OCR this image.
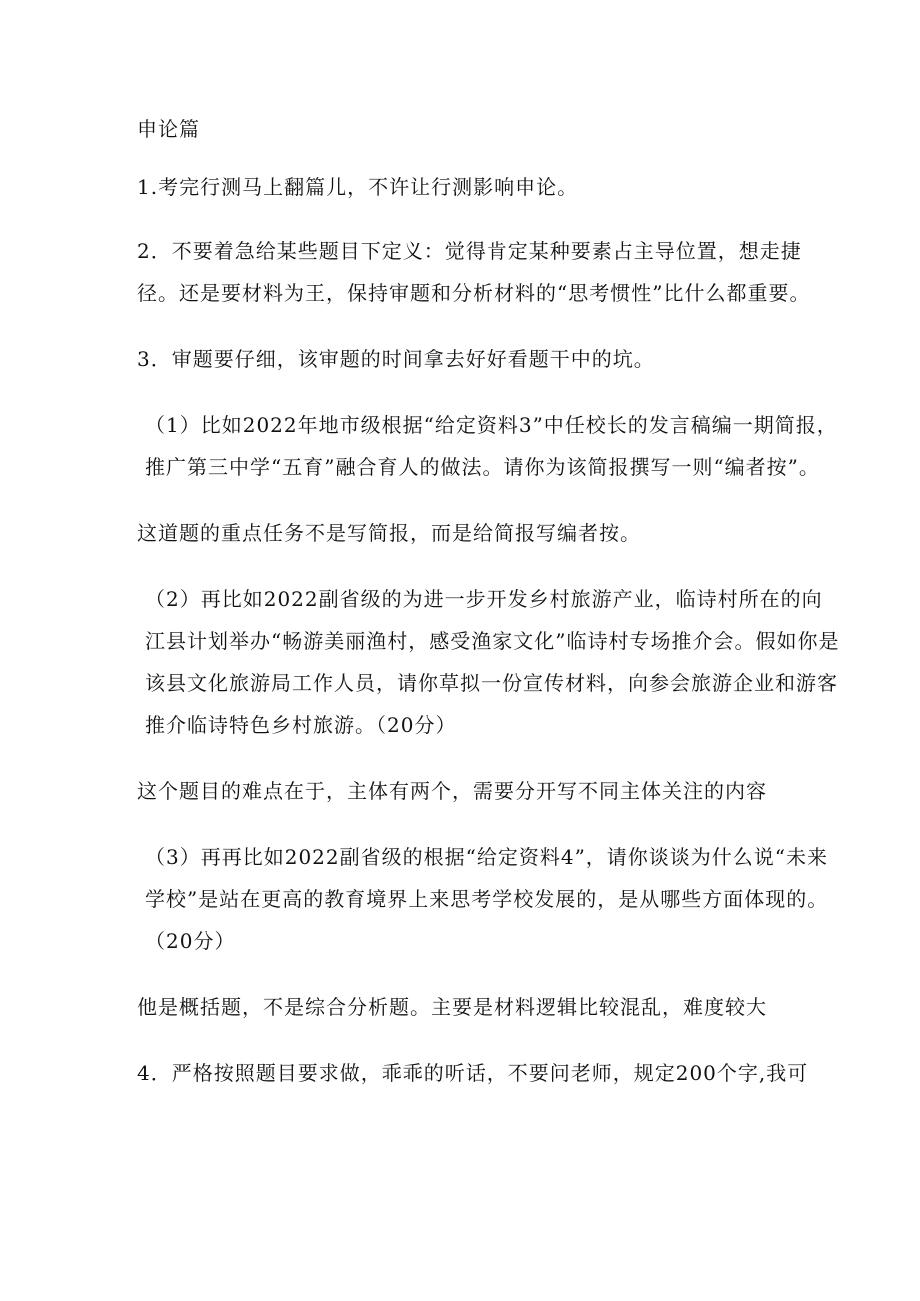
申论篇

1.考完行测马上翻篇儿，不许让行测影响申论。

2．不要着急给某些题目下定义：觉得肯定某种要素占主导位置，想走捷径。还是要材料为王，保持审题和分析材料的“思考惯性”比什么都重要。

3．审题要仔细，该审题的时间拿去好好看题干中的坑。

（1）比如2022年地市级根据“给定资料3”中任校长的发言稿编一期简报，推广第三中学“五育”融合育人的做法。请你为该简报撰写一则“编者按”。

这道题的重点任务不是写简报，而是给简报写编者按。

（2）再比如2022副省级的为进一步开发乡村旅游产业，临诗村所在的向江县计划举办“畅游美丽渔村，感受渔家文化”临诗村专场推介会。假如你是该县文化旅游局工作人员，请你草拟一份宣传材料，向参会旅游企业和游客推介临诗特色乡村旅游。（20分）

这个题目的难点在于，主体有两个，需要分开写不同主体关注的内容

（3）再再比如2022副省级的根据“给定资料4”，请你谈谈为什么说“未来学校”是站在更高的教育境界上来思考学校发展的，是从哪些方面体现的。（20分）

他是概括题，不是综合分析题。主要是材料逻辑比较混乱，难度较大

4．严格按照题目要求做，乖乖的听话，不要问老师，规定200个字,我可
